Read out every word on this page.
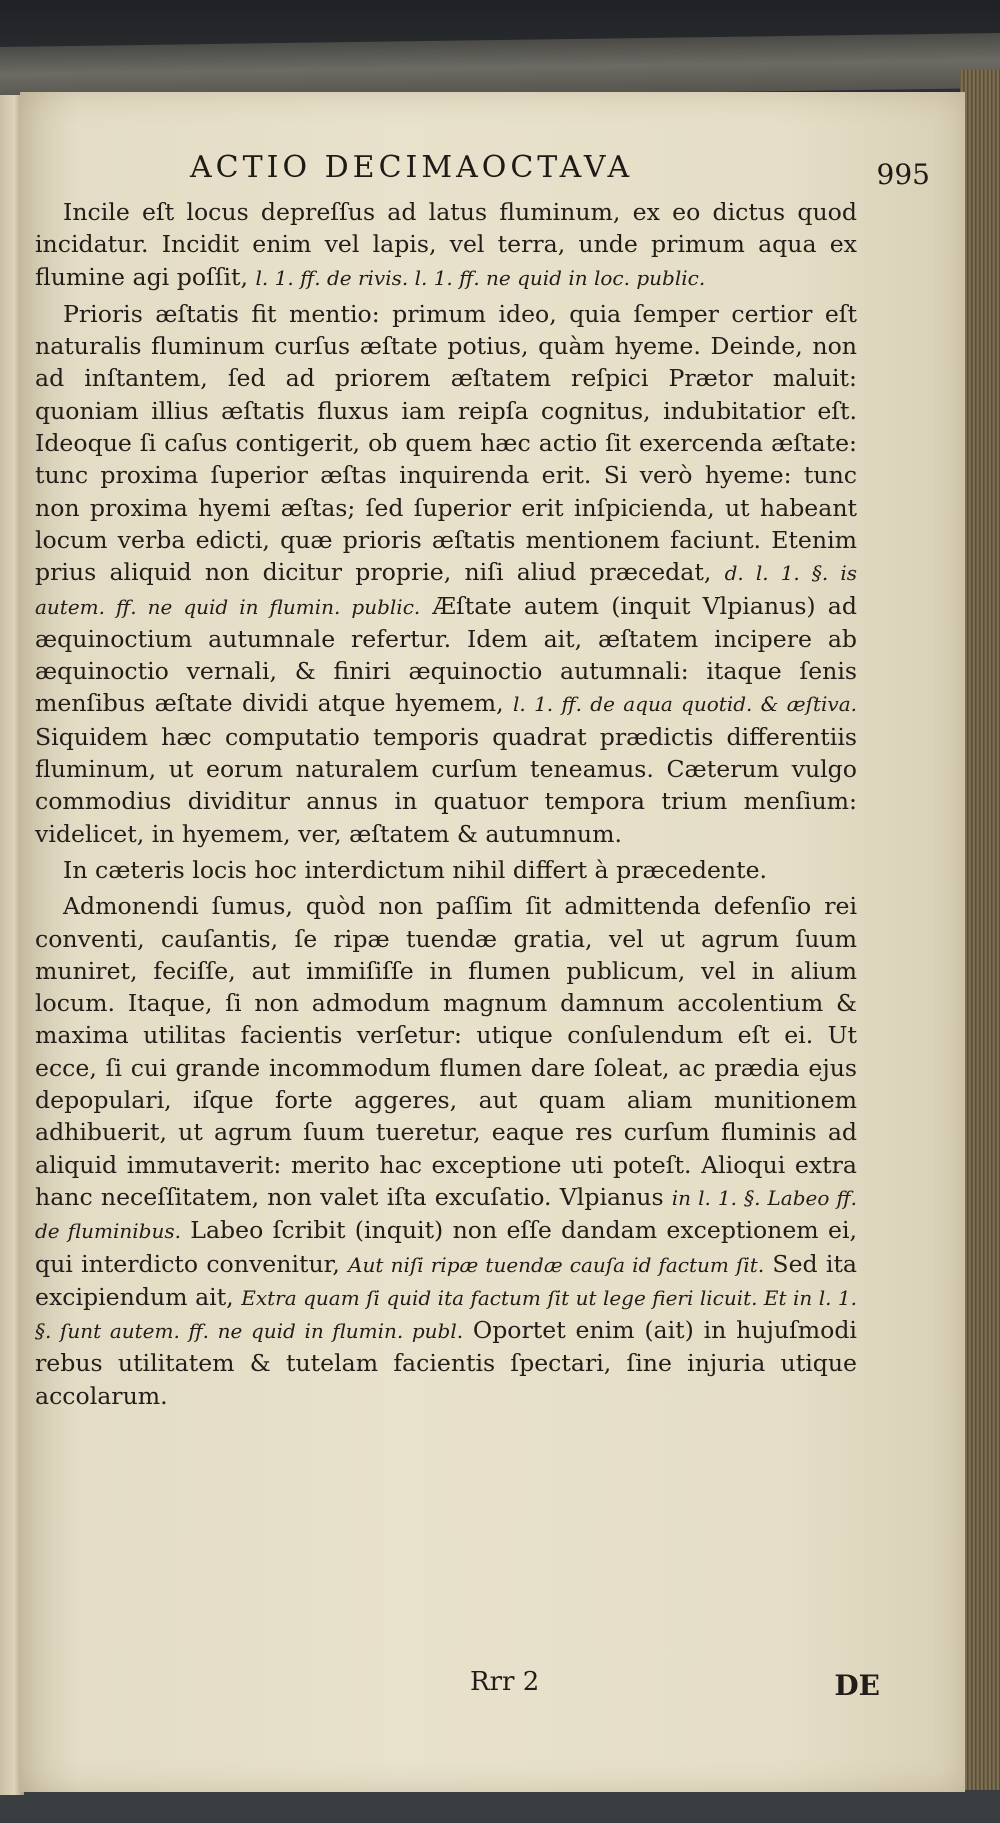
ACTIO DECIMAOCTAVA	995

Incile eſt locus depreſſus ad latus fluminum, ex eo dictus quod incidatur. Incidit enim vel lapis, vel terra, unde primum aqua ex flumine agi poſſit, l. 1. ff. de rivis. l. 1. ff. ne quid in loc. public.

Prioris æſtatis fit mentio: primum ideo, quia ſemper certior eſt naturalis fluminum curſus æſtate potius, quàm hyeme. Deinde, non ad inſtantem, ſed ad priorem æſtatem reſpici Prætor maluit: quoniam illius æſtatis fluxus iam reipſa cognitus, indubitatior eſt. Ideoque ſi caſus contigerit, ob quem hæc actio ſit exercenda æſtate: tunc proxima ſuperior æſtas inquirenda erit. Si verò hyeme: tunc non proxima hyemi æſtas; ſed ſuperior erit inſpicienda, ut habeant locum verba edicti, quæ prioris æſtatis mentionem faciunt. Etenim prius aliquid non dicitur proprie, niſi aliud præcedat, d. l. 1. §. is autem. ff. ne quid in flumin. public. Æſtate autem (inquit Vlpianus) ad æquinoctium autumnale refertur. Idem ait, æſtatem incipere ab æquinoctio vernali, & finiri æquinoctio autumnali: itaque ſenis menſibus æſtate dividi atque hyemem, l. 1. ff. de aqua quotid. & æſtiva. Siquidem hæc computatio temporis quadrat prædictis differentiis fluminum, ut eorum naturalem curſum teneamus. Cæterum vulgo commodius dividitur annus in quatuor tempora trium menſium: videlicet, in hyemem, ver, æſtatem & autumnum.

In cæteris locis hoc interdictum nihil differt à præcedente.

Admonendi ſumus, quòd non paſſim ſit admittenda defenſio rei conventi, cauſantis, ſe ripæ tuendæ gratia, vel ut agrum ſuum muniret, feciſſe, aut immiſiſſe in flumen publicum, vel in alium locum. Itaque, ſi non admodum magnum damnum accolentium & maxima utilitas facientis verſetur: utique conſulendum eſt ei. Ut ecce, ſi cui grande incommodum flumen dare ſoleat, ac prædia ejus depopulari, iſque forte aggeres, aut quam aliam munitionem adhibuerit, ut agrum ſuum tueretur, eaque res curſum fluminis ad aliquid immutaverit: merito hac exceptione uti poteſt. Alioqui extra hanc neceſſitatem, non valet iſta excuſatio. Vlpianus in l. 1. §. Labeo ff. de fluminibus. Labeo ſcribit (inquit) non eſſe dandam exceptionem ei, qui interdicto convenitur, Aut niſi ripæ tuendæ cauſa id factum ſit. Sed ita excipiendum ait, Extra quam ſi quid ita factum ſit ut lege fieri licuit. Et in l. 1. §. ſunt autem. ff. ne quid in flumin. publ. Oportet enim (ait) in hujuſmodi rebus utilitatem & tutelam facientis ſpectari, ſine injuria utique accolarum.

Rrr 2	DE
